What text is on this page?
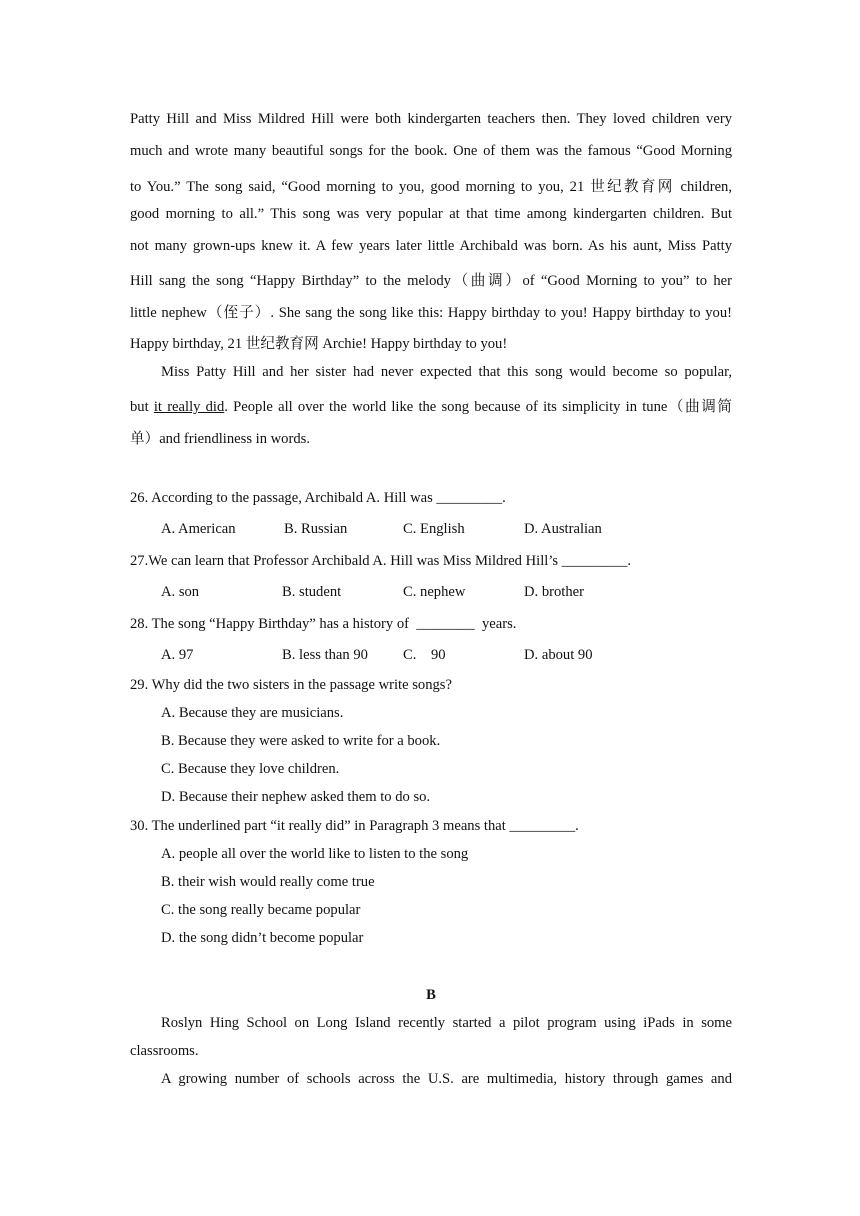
Patty Hill and Miss Mildred Hill were both kindergarten teachers then. They loved children very
much and wrote many beautiful songs for the book. One of them was the famous “Good Morning
to You.” The song said, “Good morning to you, good morning to you, 21 世纪教育网 children,
good morning to all.” This song was very popular at that time among kindergarten children. But
not many grown-ups knew it. A few years later little Archibald was born. As his aunt, Miss Patty
Hill sang the song “Happy Birthday” to the melody（曲调）of “Good Morning to you” to her
little nephew（侄子）. She sang the song like this: Happy birthday to you! Happy birthday to you!
Happy birthday, 21 世纪教育网 Archie! Happy birthday to you!
Miss Patty Hill and her sister had never expected that this song would become so popular,
but it really did. People all over the world like the song because of its simplicity in tune（曲调简
单）and friendliness in words.
26. According to the passage, Archibald A. Hill was _________.
A. American	B. Russian	C. English	D. Australian
27.We can learn that Professor Archibald A. Hill was Miss Mildred Hill’s _________.
A. son	B. student	C. nephew	D. brother
28. The song “Happy Birthday” has a history of  ________  years.
A. 97	B. less than 90 C.    90	D. about 90
29. Why did the two sisters in the passage write songs?
A. Because they are musicians.
B. Because they were asked to write for a book.
C. Because they love children.
D. Because their nephew asked them to do so.
30. The underlined part “it really did” in Paragraph 3 means that _________.
A. people all over the world like to listen to the song
B. their wish would really come true
C. the song really became popular
D. the song didn’t become popular
B
Roslyn Hing School on Long Island recently started a pilot program using iPads in some
classrooms.
A growing number of schools across the U.S. are multimedia, history through games and
